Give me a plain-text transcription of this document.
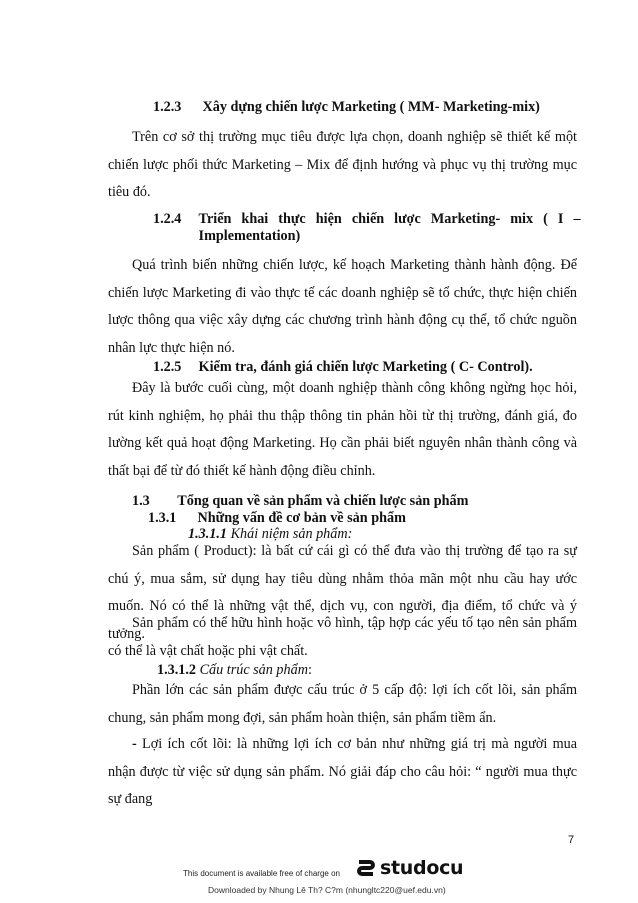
1.2.3 Xây dựng chiến lược Marketing ( MM- Marketing-mix)

Trên cơ sở thị trường mục tiêu được lựa chọn, doanh nghiệp sẽ thiết kế một chiến lược phối thức Marketing – Mix để định hướng và phục vụ thị trường mục tiêu đó.

1.2.4 Triển khai thực hiện chiến lược Marketing- mix ( I –
Implementation)

Quá trình biến những chiến lược, kế hoạch Marketing thành hành động. Để chiến lược Marketing đi vào thực tế các doanh nghiệp sẽ tổ chức, thực hiện chiến lược thông qua việc xây dựng các chương trình hành động cụ thể, tổ chức nguồn nhân lực thực hiện nó.

1.2.5 Kiểm tra, đánh giá chiến lược Marketing ( C- Control).

Đây là bước cuối cùng, một doanh nghiệp thành công không ngừng học hỏi, rút kinh nghiệm, họ phải thu thập thông tin phản hồi từ thị trường, đánh giá, đo lường kết quả hoạt động Marketing. Họ cần phải biết nguyên nhân thành công và thất bại để từ đó thiết kế hành động điều chỉnh.

1.3 Tổng quan về sản phẩm và chiến lược sản phẩm
1.3.1 Những vấn đề cơ bản về sản phẩm
1.3.1.1 Khái niệm sản phẩm:

Sản phẩm ( Product): là bất cứ cái gì có thể đưa vào thị trường để tạo ra sự chú ý, mua sắm, sử dụng hay tiêu dùng nhằm thỏa mãn một nhu cầu hay ước muốn. Nó có thể là những vật thể, dịch vụ, con người, địa điểm, tổ chức và ý tưởng.

Sản phẩm có thể hữu hình hoặc vô hình, tập hợp các yếu tố tạo nên sản phẩm có thể là vật chất hoặc phi vật chất.

1.3.1.2 Cấu trúc sản phẩm:

Phần lớn các sản phẩm được cấu trúc ở 5 cấp độ: lợi ích cốt lõi, sản phẩm chung, sản phẩm mong đợi, sản phẩm hoàn thiện, sản phẩm tiềm ẩn.

- Lợi ích cốt lõi: là những lợi ích cơ bản như những giá trị mà người mua nhận được từ việc sử dụng sản phẩm. Nó giải đáp cho câu hỏi: “ người mua thực sự đang

7
This document is available free of charge on studocu
Downloaded by Nhung Lê Th? C?m (nhungltc220@uef.edu.vn)
